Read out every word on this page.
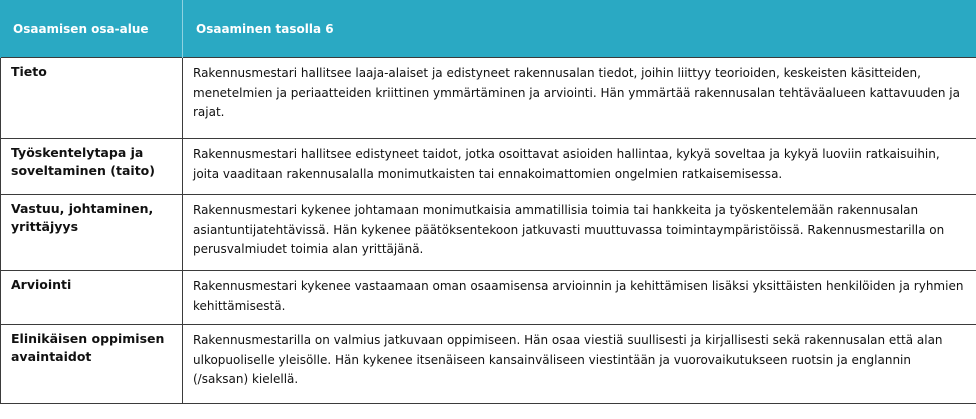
Osaamisen osa-alue	Osaaminen tasolla 6
Tieto	Rakennusmestari hallitsee laaja-alaiset ja edistyneet rakennusalan tiedot, joihin liittyy teorioiden, keskeisten käsitteiden, menetelmien ja periaatteiden kriittinen ymmärtäminen ja arviointi. Hän ymmärtää rakennusalan tehtäväalueen kattavuuden ja rajat.
Työskentelytapa ja soveltaminen (taito)	Rakennusmestari hallitsee edistyneet taidot, jotka osoittavat asioiden hallintaa, kykyä soveltaa ja kykyä luoviin ratkaisuihin, joita vaaditaan rakennusalalla monimutkaisten tai ennakoimattomien ongelmien ratkaisemisessa.
Vastuu, johtaminen, yrittäjyys	Rakennusmestari kykenee johtamaan monimutkaisia ammatillisia toimia tai hankkeita ja työskentelemään rakennusalan asiantuntijatehtävissä. Hän kykenee päätöksentekoon jatkuvasti muuttuvassa toimintaympäristöissä. Rakennusmestarilla on perusvalmiudet toimia alan yrittäjänä.
Arviointi	Rakennusmestari kykenee vastaamaan oman osaamisensa arvioinnin ja kehittämisen lisäksi yksittäisten henkilöiden ja ryhmien kehittämisestä.
Elinikäisen oppimisen avaintaidot	Rakennusmestarilla on valmius jatkuvaan oppimiseen. Hän osaa viestiä suullisesti ja kirjallisesti sekä rakennusalan että alan ulkopuoliselle yleisölle. Hän kykenee itsenäiseen kansainväliseen viestintään ja vuorovaikutukseen ruotsin ja englannin (/saksan) kielellä.
